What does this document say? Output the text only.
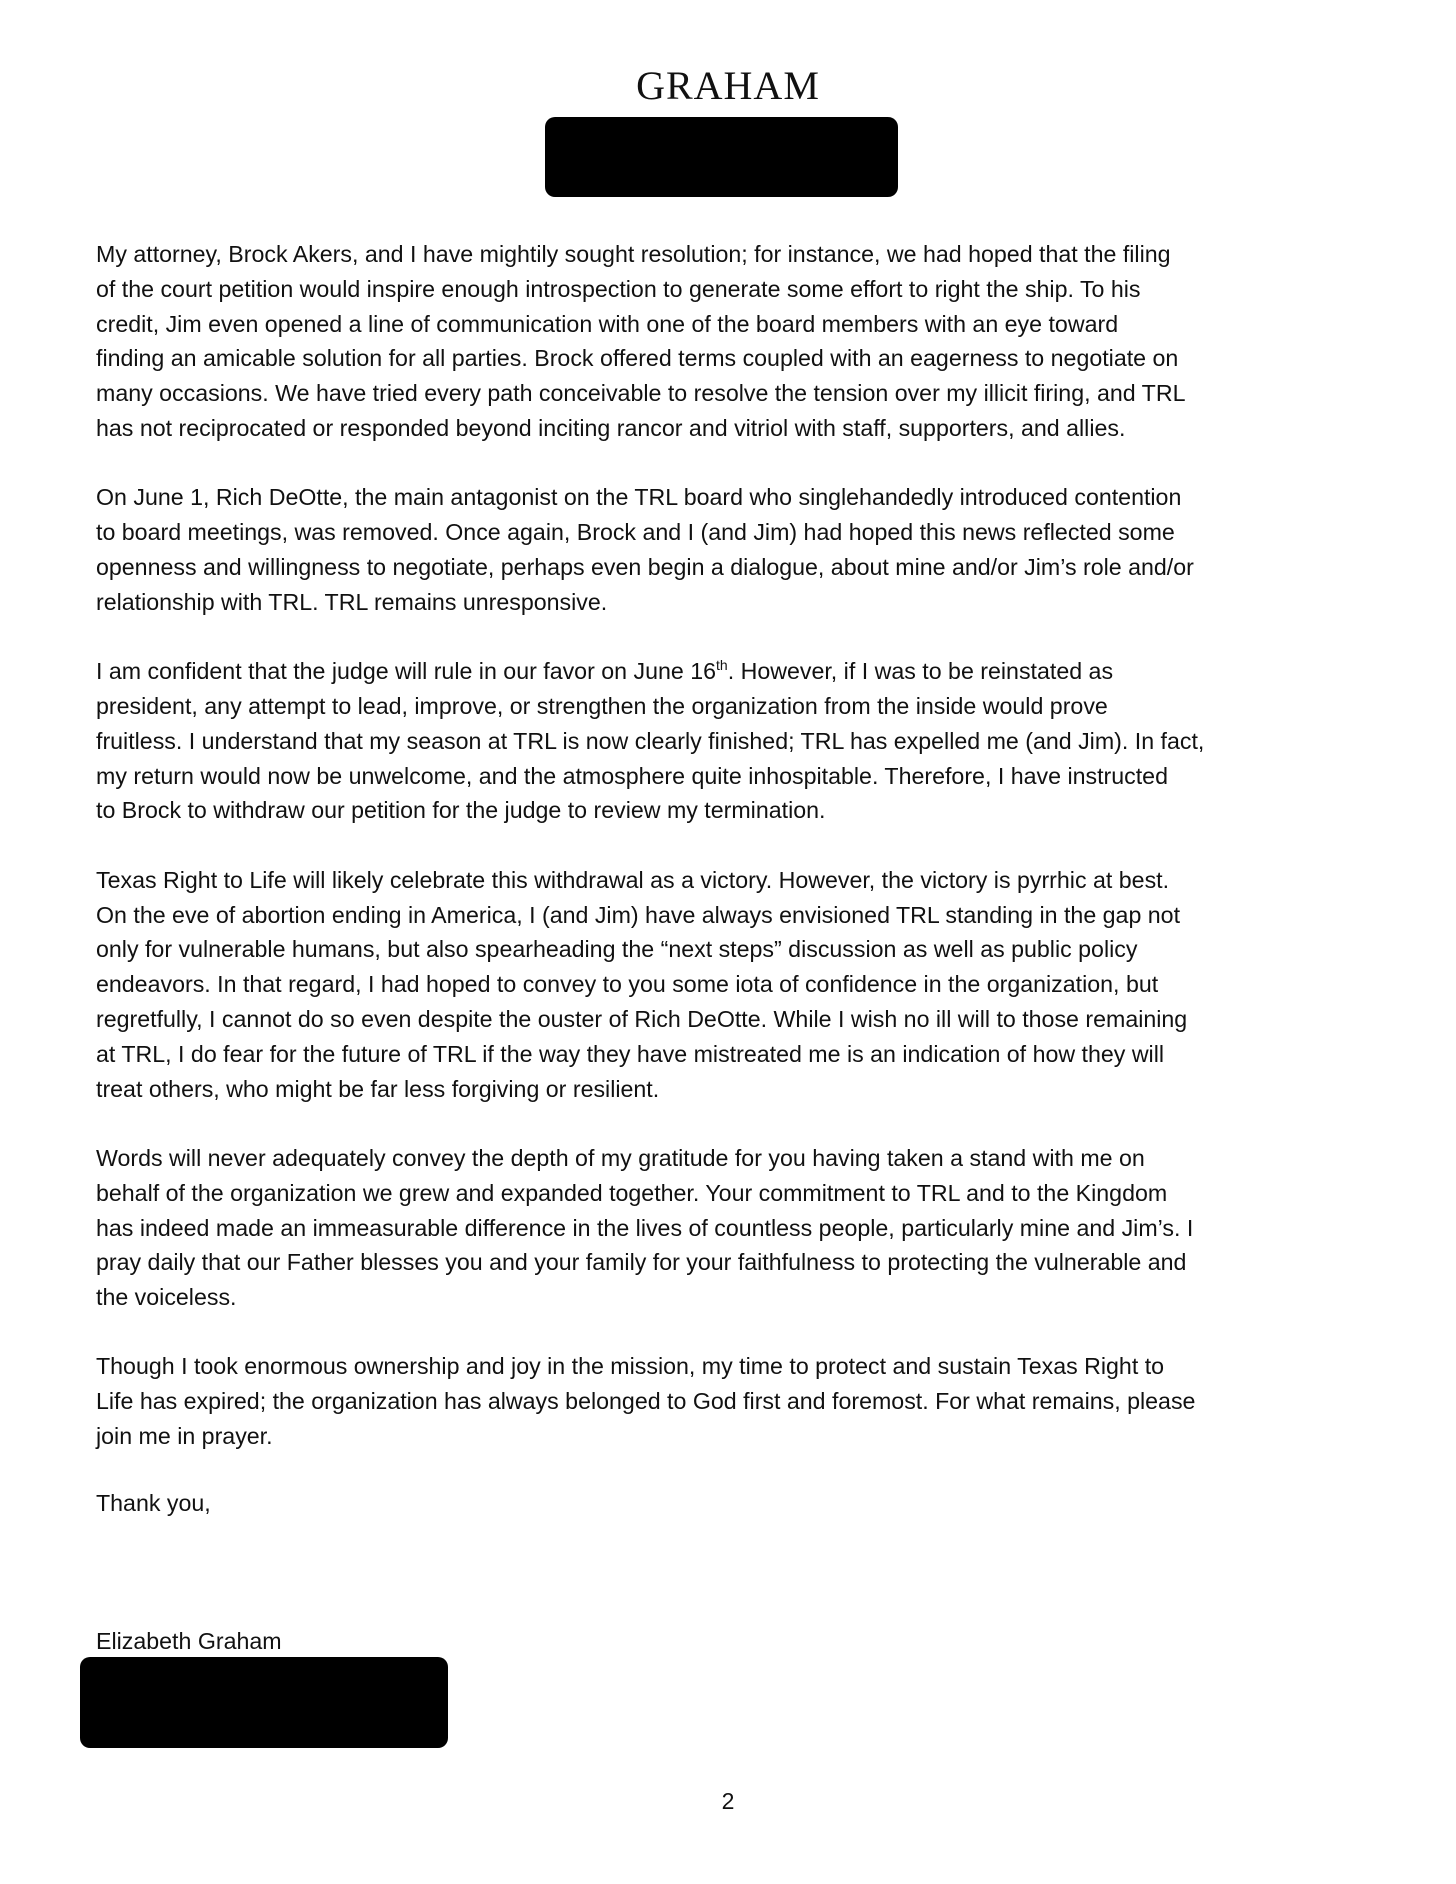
GRAHAM

My attorney, Brock Akers, and I have mightily sought resolution; for instance, we had hoped that the filing
of the court petition would inspire enough introspection to generate some effort to right the ship. To his
credit, Jim even opened a line of communication with one of the board members with an eye toward
finding an amicable solution for all parties. Brock offered terms coupled with an eagerness to negotiate on
many occasions. We have tried every path conceivable to resolve the tension over my illicit firing, and TRL
has not reciprocated or responded beyond inciting rancor and vitriol with staff, supporters, and allies.

On June 1, Rich DeOtte, the main antagonist on the TRL board who singlehandedly introduced contention
to board meetings, was removed. Once again, Brock and I (and Jim) had hoped this news reflected some
openness and willingness to negotiate, perhaps even begin a dialogue, about mine and/or Jim’s role and/or
relationship with TRL. TRL remains unresponsive.

I am confident that the judge will rule in our favor on June 16th. However, if I was to be reinstated as
president, any attempt to lead, improve, or strengthen the organization from the inside would prove
fruitless. I understand that my season at TRL is now clearly finished; TRL has expelled me (and Jim). In fact,
my return would now be unwelcome, and the atmosphere quite inhospitable. Therefore, I have instructed
to Brock to withdraw our petition for the judge to review my termination.

Texas Right to Life will likely celebrate this withdrawal as a victory. However, the victory is pyrrhic at best.
On the eve of abortion ending in America, I (and Jim) have always envisioned TRL standing in the gap not
only for vulnerable humans, but also spearheading the “next steps” discussion as well as public policy
endeavors. In that regard, I had hoped to convey to you some iota of confidence in the organization, but
regretfully, I cannot do so even despite the ouster of Rich DeOtte. While I wish no ill will to those remaining
at TRL, I do fear for the future of TRL if the way they have mistreated me is an indication of how they will
treat others, who might be far less forgiving or resilient.

Words will never adequately convey the depth of my gratitude for you having taken a stand with me on
behalf of the organization we grew and expanded together. Your commitment to TRL and to the Kingdom
has indeed made an immeasurable difference in the lives of countless people, particularly mine and Jim’s. I
pray daily that our Father blesses you and your family for your faithfulness to protecting the vulnerable and
the voiceless.

Though I took enormous ownership and joy in the mission, my time to protect and sustain Texas Right to
Life has expired; the organization has always belonged to God first and foremost. For what remains, please
join me in prayer.

Thank you,
Elizabeth Graham
2
